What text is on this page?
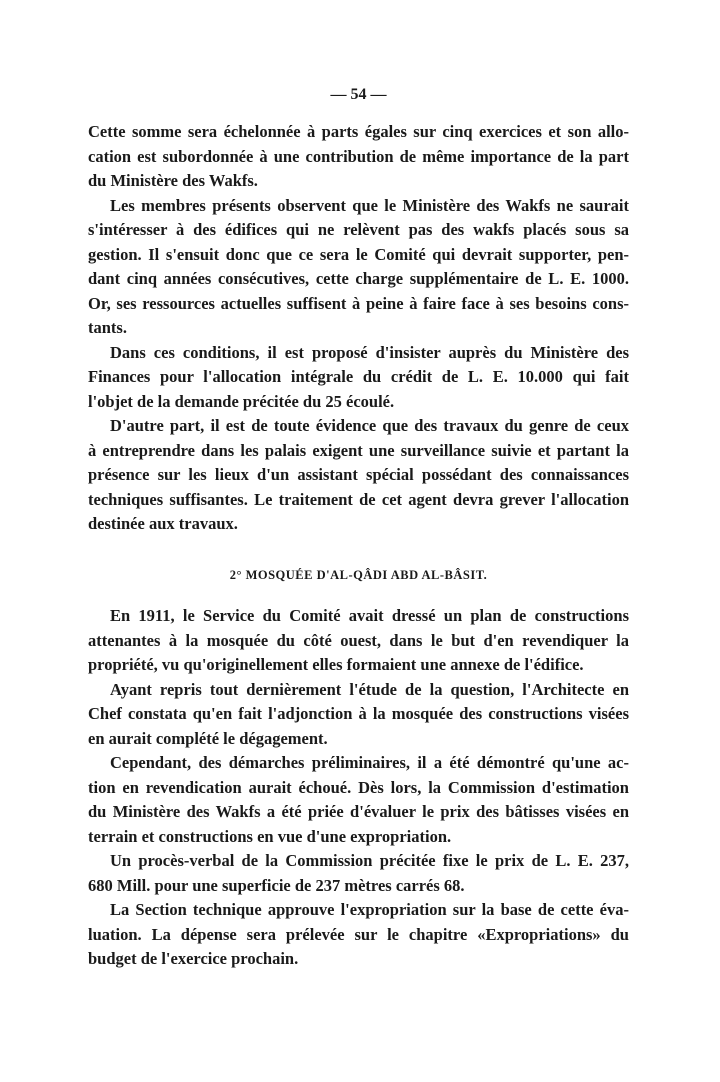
— 54 —
Cette somme sera échelonnée à parts égales sur cinq exercices et son allo-
cation est subordonnée à une contribution de même importance de la part
du Ministère des Wakfs.
Les membres présents observent que le Ministère des Wakfs ne saurait
s'intéresser à des édifices qui ne relèvent pas des wakfs placés sous sa
gestion. Il s'ensuit donc que ce sera le Comité qui devrait supporter, pen-
dant cinq années consécutives, cette charge supplémentaire de L. E. 1000.
Or, ses ressources actuelles suffisent à peine à faire face à ses besoins cons-
tants.
Dans ces conditions, il est proposé d'insister auprès du Ministère des
Finances pour l'allocation intégrale du crédit de L. E. 10.000 qui fait
l'objet de la demande précitée du 25 écoulé.
D'autre part, il est de toute évidence que des travaux du genre de ceux
à entreprendre dans les palais exigent une surveillance suivie et partant la
présence sur les lieux d'un assistant spécial possédant des connaissances
techniques suffisantes. Le traitement de cet agent devra grever l'allocation
destinée aux travaux.
2° MOSQUÉE D'AL-QÂDI ABD AL-BÂSIT.
En 1911, le Service du Comité avait dressé un plan de constructions
attenantes à la mosquée du côté ouest, dans le but d'en revendiquer la
propriété, vu qu'originellement elles formaient une annexe de l'édifice.
Ayant repris tout dernièrement l'étude de la question, l'Architecte en
Chef constata qu'en fait l'adjonction à la mosquée des constructions visées
en aurait complété le dégagement.
Cependant, des démarches préliminaires, il a été démontré qu'une ac-
tion en revendication aurait échoué. Dès lors, la Commission d'estimation
du Ministère des Wakfs a été priée d'évaluer le prix des bâtisses visées en
terrain et constructions en vue d'une expropriation.
Un procès-verbal de la Commission précitée fixe le prix de L. E. 237,
680 Mill. pour une superficie de 237 mètres carrés 68.
La Section technique approuve l'expropriation sur la base de cette éva-
luation. La dépense sera prélevée sur le chapitre «Expropriations» du
budget de l'exercice prochain.
